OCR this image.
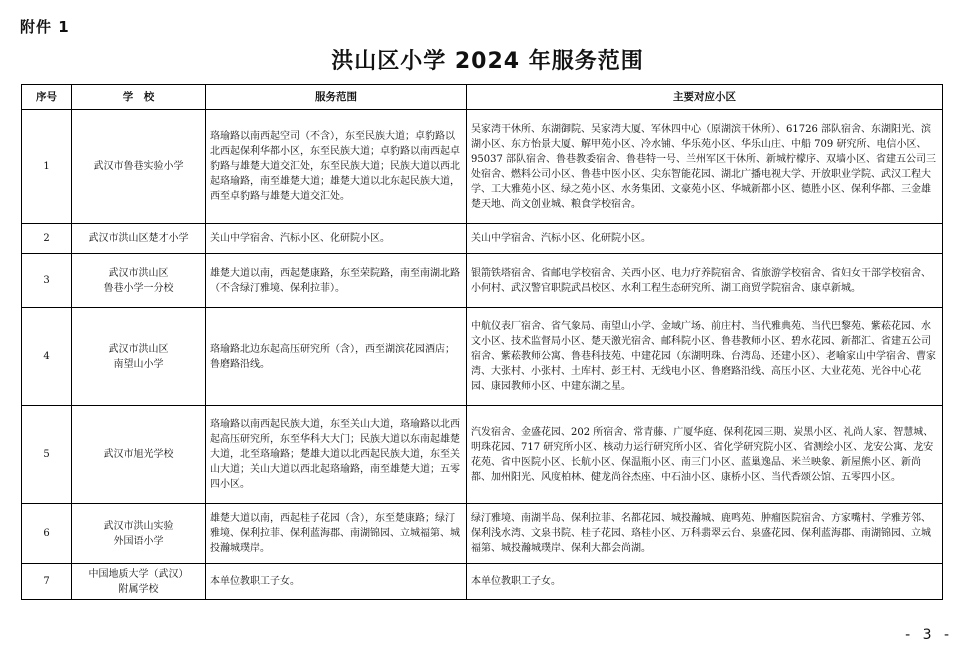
附件 1
洪山区小学 2024 年服务范围
序号	学　校	服务范围	主要对应小区
1	武汉市鲁巷实验小学	珞瑜路以南西起空司（不含），东至民族大道；卓豹路以北西起保利华都小区，东至民族大道；卓豹路以南西起卓豹路与雄楚大道交汇处，东至民族大道；民族大道以西北起珞瑜路，南至雄楚大道；雄楚大道以北东起民族大道，西至卓豹路与雄楚大道交汇处。	吴家湾干休所、东湖御院、吴家湾大厦、军休四中心（原湖滨干休所）、61726 部队宿舍、东湖阳光、滨湖小区、东方怡景大厦、解甲苑小区、冷水铺、华乐苑小区、华乐山庄、中船 709 研究所、电信小区、95037 部队宿舍、鲁巷教委宿舍、鲁巷特一号、兰州军区干休所、新城柠檬序、双墙小区、省建五公司三处宿舍、燃料公司小区、鲁巷中医小区、尖东智能花园、湖北广播电视大学、开放职业学院、武汉工程大学、工大雅苑小区、绿之苑小区、水务集团、文豪苑小区、华城新都小区、德胜小区、保利华都、三金雄楚天地、尚文创业城、粮食学校宿舍。
2	武汉市洪山区楚才小学	关山中学宿舍、汽标小区、化研院小区。	关山中学宿舍、汽标小区、化研院小区。
3	武汉市洪山区
鲁巷小学一分校	雄楚大道以南，西起楚康路，东至荣院路，南至南湖北路（不含绿汀雅境、保利拉菲）。	银箭铁塔宿舍、省邮电学校宿舍、关西小区、电力疗养院宿舍、省旅游学校宿舍、省妇女干部学校宿舍、小何村、武汉警官职院武昌校区、水利工程生态研究所、湖工商贸学院宿舍、康卓新城。
4	武汉市洪山区
南望山小学	珞瑜路北边东起高压研究所（含），西至湖滨花园酒店；鲁磨路沿线。	中航仪表厂宿舍、省气象局、南望山小学、金域广场、前庄村、当代雅典苑、当代巴黎苑、紫菘花园、水文小区、技术监督局小区、楚天激光宿舍、邮科院小区、鲁巷教师小区、碧水花园、新都汇、省建五公司宿舍、紫菘教师公寓、鲁巷科技苑、中建花园（东湖明珠、台湾岛、还建小区）、老喻家山中学宿舍、曹家湾、大张村、小张村、土库村、彭王村、无线电小区、鲁磨路沿线、高压小区、大业花苑、光谷中心花园、康园教师小区、中建东湖之星。
5	武汉市旭光学校	珞瑜路以南西起民族大道，东至关山大道，珞瑜路以北西起高压研究所，东至华科大大门；民族大道以东南起雄楚大道，北至珞瑜路；楚雄大道以北西起民族大道，东至关山大道；关山大道以西北起珞瑜路，南至雄楚大道；五零四小区。	汽发宿舍、金盛花园、202 所宿舍、常青藤、广厦华庭、保利花园三期、炭黑小区、礼尚人家、智慧城、明珠花园、717 研究所小区、核动力运行研究所小区、省化学研究院小区、省测绘小区、龙安公寓、龙安花苑、省中医院小区、长航小区、保温瓶小区、南三门小区、蓝巢逸品、米兰映象、新屋熊小区、新尚都、加州阳光、风度柏林、健龙尚谷杰座、中石油小区、康桥小区、当代香颂公馆、五零四小区。
6	武汉市洪山实验
外国语小学	雄楚大道以南，西起桂子花园（含），东至楚康路；绿汀雅境、保利拉菲、保利蓝海郡、南湖锦园、立城福第、城投瀚城璞岸。	绿汀雅境、南湖半岛、保利拉菲、名都花园、城投瀚城、鹿鸣苑、肿瘤医院宿舍、方家嘴村、学雅芳邻、保利浅水湾、文泉书院、桂子花园、珞桂小区、万科翡翠云台、泉盛花园、保利蓝海郡、南湖锦园、立城福第、城投瀚城璞岸、保利大都会尚湖。
7	中国地质大学（武汉）
附属学校	本单位教职工子女。	本单位教职工子女。
- 3 -
